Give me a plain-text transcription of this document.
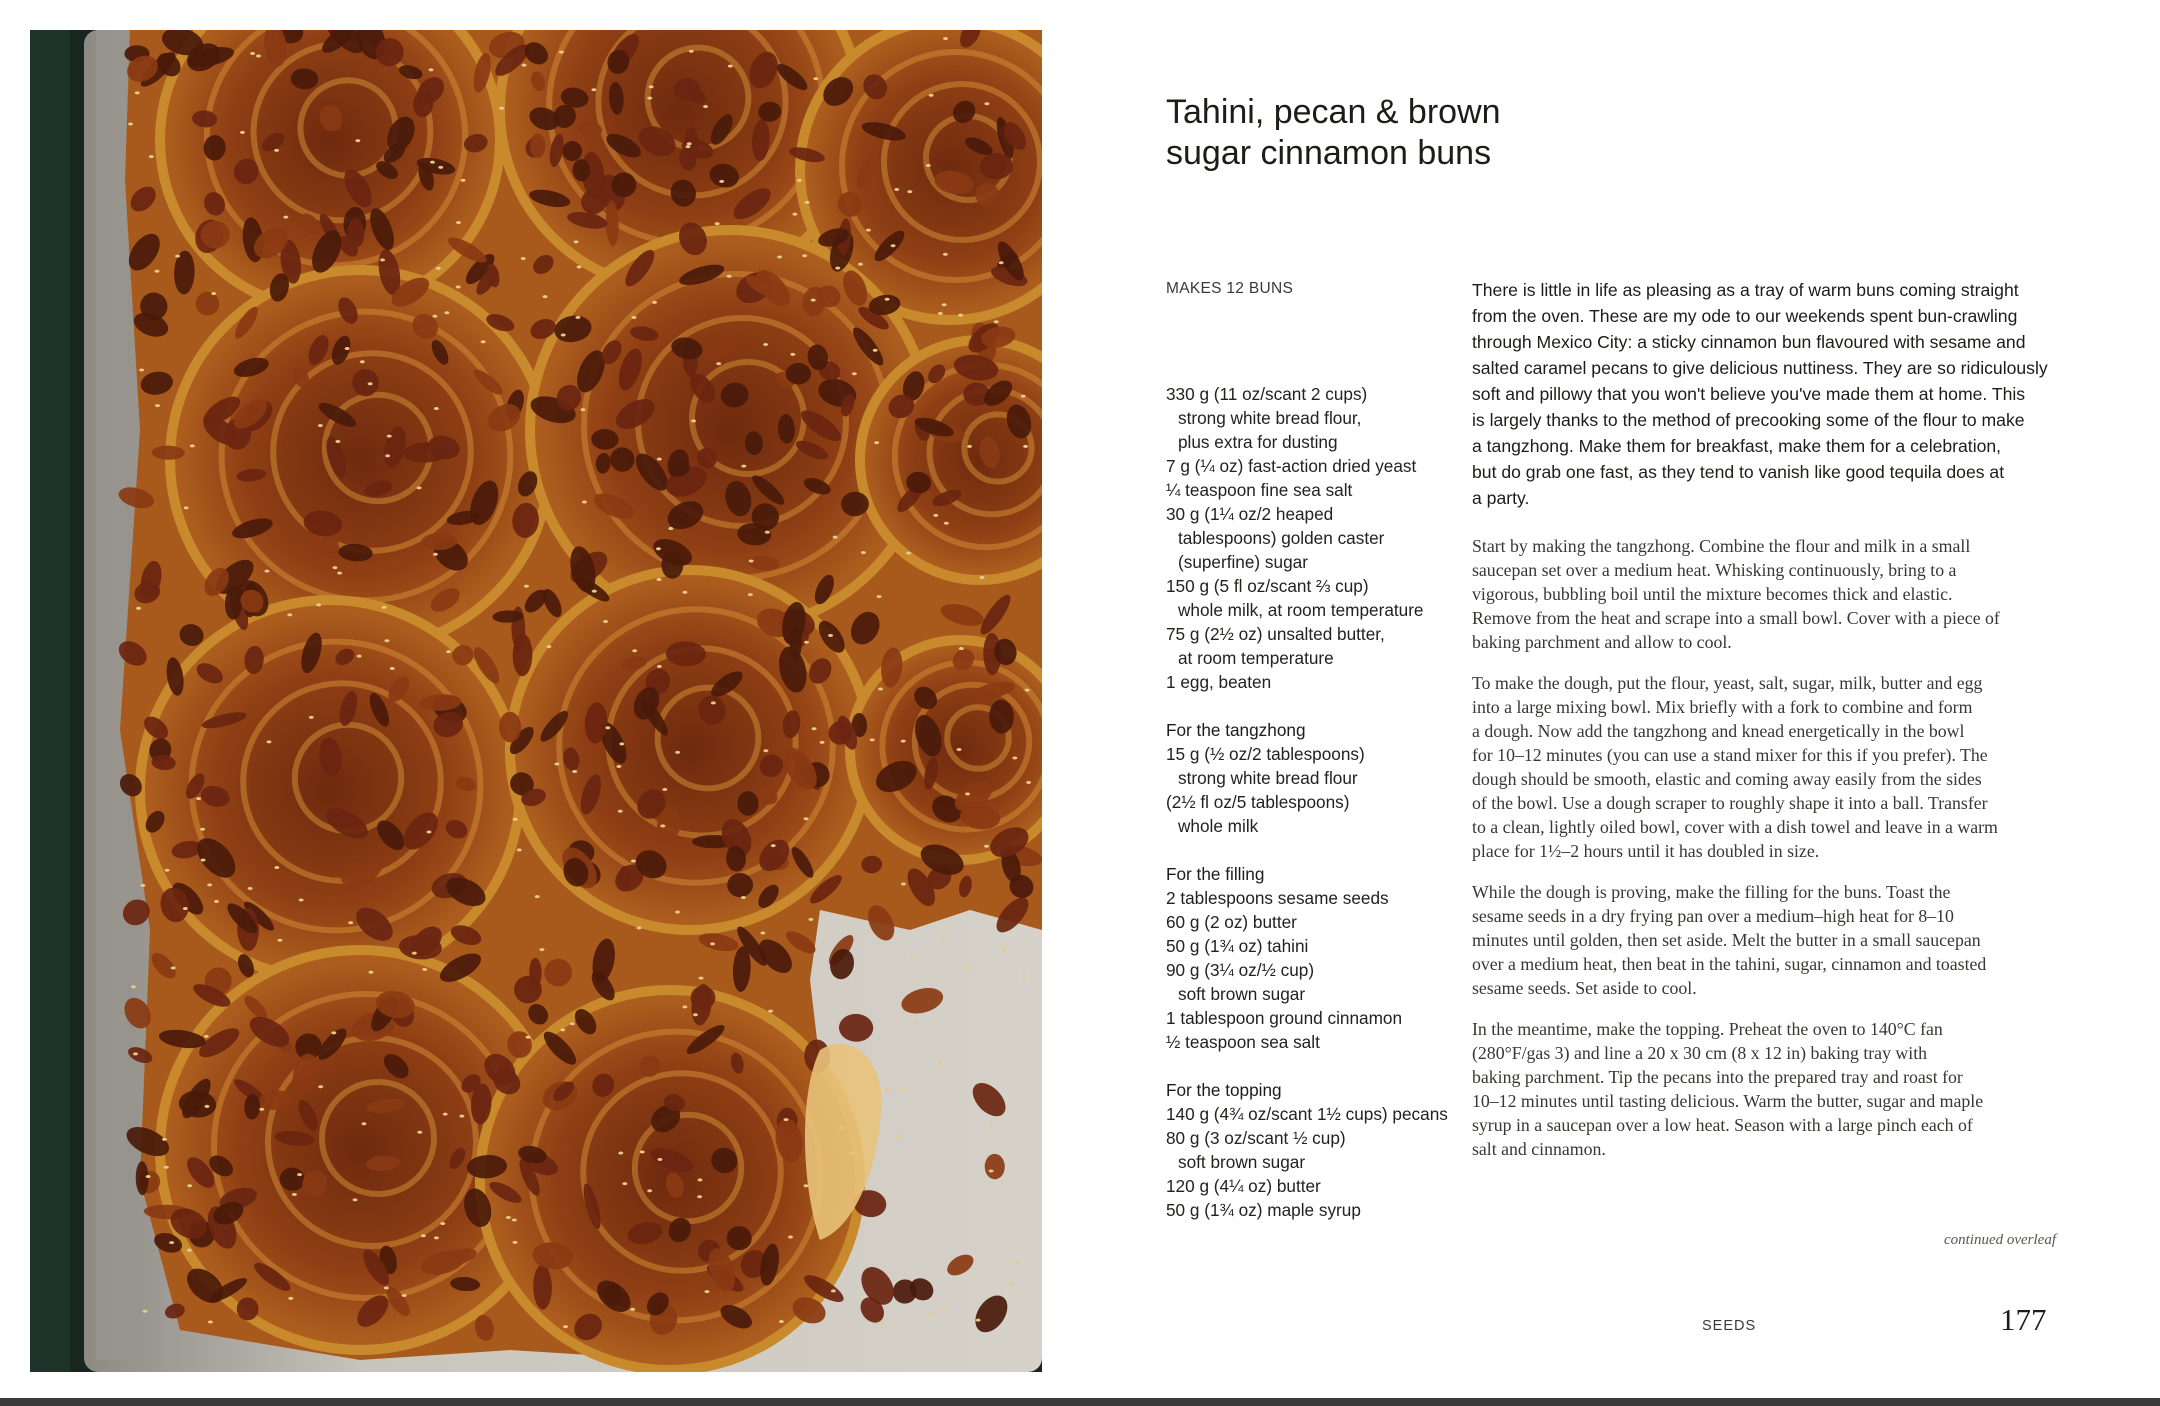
Tahini, pecan & brown
sugar cinnamon buns
MAKES 12 BUNS
330 g (11 oz/scant 2 cups)
strong white bread flour,
plus extra for dusting
7 g (¼ oz) fast-action dried yeast
¼ teaspoon fine sea salt
30 g (1¼ oz/2 heaped
tablespoons) golden caster
(superfine) sugar
150 g (5 fl oz/scant ⅔ cup)
whole milk, at room temperature
75 g (2½ oz) unsalted butter,
at room temperature
1 egg, beaten
For the tangzhong
15 g (½ oz/2 tablespoons)
strong white bread flour
(2½ fl oz/5 tablespoons)
whole milk
For the filling
2 tablespoons sesame seeds
60 g (2 oz) butter
50 g (1¾ oz) tahini
90 g (3¼ oz/½ cup)
soft brown sugar
1 tablespoon ground cinnamon
½ teaspoon sea salt
For the topping
140 g (4¾ oz/scant 1½ cups) pecans
80 g (3 oz/scant ½ cup)
soft brown sugar
120 g (4¼ oz) butter
50 g (1¾ oz) maple syrup
There is little in life as pleasing as a tray of warm buns coming straight
from the oven. These are my ode to our weekends spent bun-crawling
through Mexico City: a sticky cinnamon bun flavoured with sesame and
salted caramel pecans to give delicious nuttiness. They are so ridiculously
soft and pillowy that you won't believe you've made them at home. This
is largely thanks to the method of precooking some of the flour to make
a tangzhong. Make them for breakfast, make them for a celebration,
but do grab one fast, as they tend to vanish like good tequila does at
a party.
Start by making the tangzhong. Combine the flour and milk in a small
saucepan set over a medium heat. Whisking continuously, bring to a
vigorous, bubbling boil until the mixture becomes thick and elastic.
Remove from the heat and scrape into a small bowl. Cover with a piece of
baking parchment and allow to cool.
To make the dough, put the flour, yeast, salt, sugar, milk, butter and egg
into a large mixing bowl. Mix briefly with a fork to combine and form
a dough. Now add the tangzhong and knead energetically in the bowl
for 10–12 minutes (you can use a stand mixer for this if you prefer). The
dough should be smooth, elastic and coming away easily from the sides
of the bowl. Use a dough scraper to roughly shape it into a ball. Transfer
to a clean, lightly oiled bowl, cover with a dish towel and leave in a warm
place for 1½–2 hours until it has doubled in size.
While the dough is proving, make the filling for the buns. Toast the
sesame seeds in a dry frying pan over a medium–high heat for 8–10
minutes until golden, then set aside. Melt the butter in a small saucepan
over a medium heat, then beat in the tahini, sugar, cinnamon and toasted
sesame seeds. Set aside to cool.
In the meantime, make the topping. Preheat the oven to 140°C fan
(280°F/gas 3) and line a 20 x 30 cm (8 x 12 in) baking tray with
baking parchment. Tip the pecans into the prepared tray and roast for
10–12 minutes until tasting delicious. Warm the butter, sugar and maple
syrup in a saucepan over a low heat. Season with a large pinch each of
salt and cinnamon.
continued overleaf
SEEDS	177
